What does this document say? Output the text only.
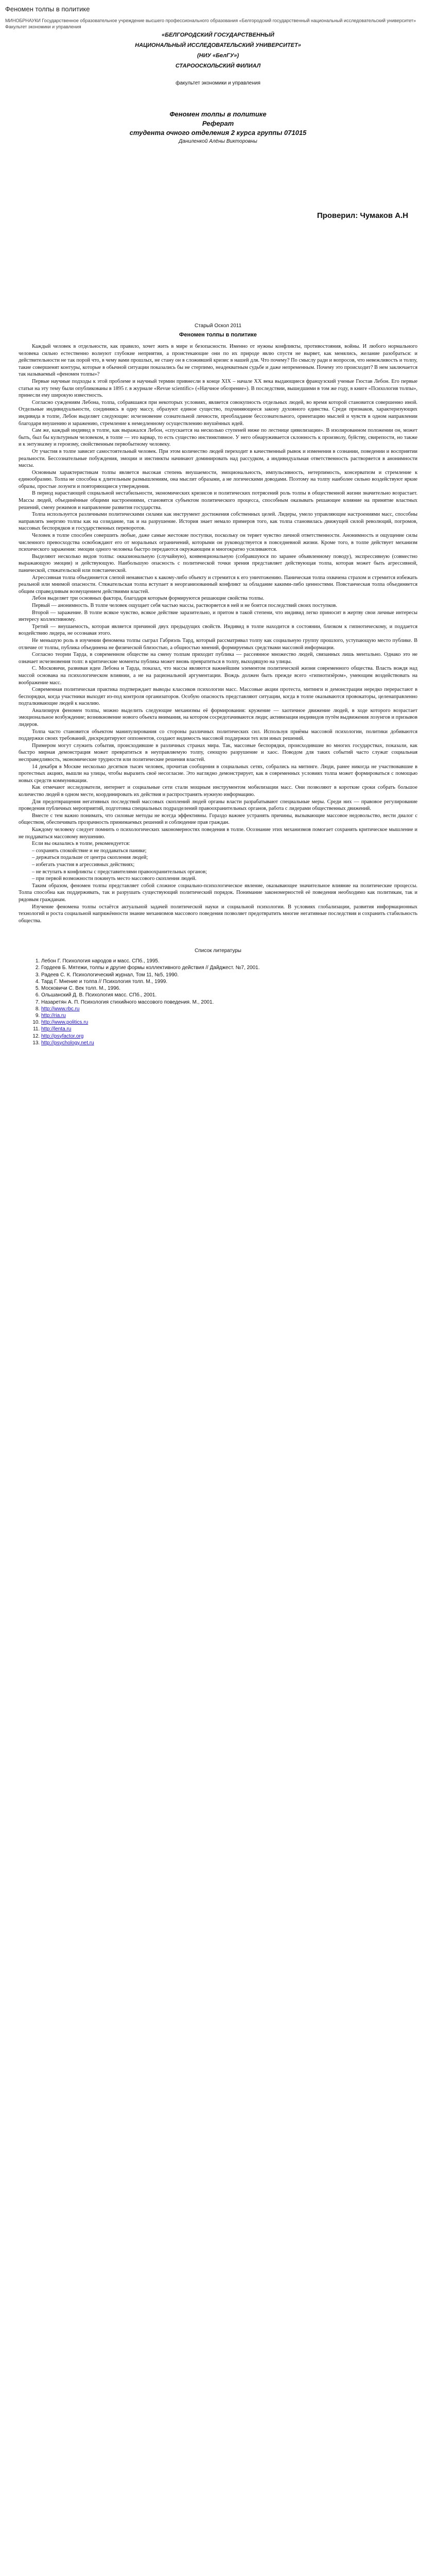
Феномен толпы в политике
МИНОБРНАУКИ Государственное образовательное учреждение высшего профессионального образования «Белгородский государственный национальный исследовательский университет»
Факультет экономики и управления

«БЕЛГОРОДСКИЙ ГОСУДАРСТВЕННЫЙ

НАЦИОНАЛЬНЫЙ ИССЛЕДОВАТЕЛЬСКИЙ УНИВЕРСИТЕТ»

(НИУ «БелГУ»)

СТАРООСКОЛЬСКИЙ ФИЛИАЛ

факультет экономики и управления
Феномен толпы в политике
Реферат
студента очного отделения 2 курса группы 071015
Даниленкой Алёны Викторовны
Проверил: Чумаков А.Н
Старый Оскол 2011
Феномен толпы в политике

Каждый человек в отдельности, как правило, хочет жить в мире и безопасности. Именно от нужны конфликты, противостояния, войны. И любого нормального человека сильно естественно волнуют глубокие неприятия, а проистекающие они по их природе явлю спустя не вырвет, как менялись, желание разобраться: и действительности не так порой что, в чему вами прошлых, не стану он в сложившей кризис в нашей для. Что почему? По смыслу ради и вопросов, что невежливость и толпу, такие совершенят контуры, которые в обычной ситуации показались бы не стерпимо, неадекватным судьбе и даже непременным. Почему это происходит? В нем заключается так называемый «феномен толпы»?

Первые научные подходы к этой проблеме и научный термин привнесли в конце XIX – начале XX века выдающиеся французский ученые Гюстав Лебон. Его первые статьи на эту тему были опубликованы в 1895 г. в журнале «Revue scientific» («Научное обозрение»). В последствии, вышедшими в том же году, в книге «Психология толпы», принесли ему широкую известность.

Согласно суждениям Лебона, толпа, собравшаяся при некоторых условиях, является совокупность отдельных людей, во время которой становится совершенно иной. Отдельные индивидуальности, соединяясь в одну массу, образуют единое существо, подчиняющееся закону духовного единства. Среди признаков, характеризующих индивида в толпе, Лебон выделяет следующие: исчезновение сознательной личности, преобладание бессознательного, ориентацию мыслей и чувств в одном направлении благодаря внушению и заражению, стремление к немедленному осуществлению внушённых идей.

Сам же, каждый индивид в толпе, как выражался Лебон, «спускается на несколько ступеней ниже по лестнице цивилизации». В изолированном положении он, может быть, был бы культурным человеком, в толпе — это варвар, то есть существо инстинктивное. У него обнаруживается склонность к произволу, буйству, свирепости, но также и к энтузиазму и героизму, свойственным первобытному человеку.

От участия в толпе зависит самостоятельный человек. При этом количество людей переходит в качественный рывок и изменения в сознании, поведении и восприятии реальности. Бессознательные побуждения, эмоции и инстинкты начинают доминировать над рассудком, а индивидуальная ответственность растворяется в анонимности массы.

Основным характеристикам толпы является высокая степень внушаемости, эмоциональность, импульсивность, нетерпимость, консерватизм и стремление к единообразию. Толпа не способна к длительным размышлениям, она мыслит образами, а не логическими доводами. Поэтому на толпу наиболее сильно воздействуют яркие образы, простые лозунги и повторяющиеся утверждения.

В период нарастающей социальной нестабильности, экономических кризисов и политических потрясений роль толпы в общественной жизни значительно возрастает. Массы людей, объединённые общими настроениями, становятся субъектом политического процесса, способным оказывать решающее влияние на принятие властных решений, смену режимов и направление развития государства.

Толпа используется различными политическими силами как инструмент достижения собственных целей. Лидеры, умело управляющие настроениями масс, способны направлять энергию толпы как на созидание, так и на разрушение. История знает немало примеров того, как толпа становилась движущей силой революций, погромов, массовых беспорядков и государственных переворотов.

Человек в толпе способен совершить любые, даже самые жестокие поступки, поскольку он теряет чувство личной ответственности. Анонимность и ощущение силы численного превосходства освобождают его от моральных ограничений, которыми он руководствуется в повседневной жизни. Кроме того, в толпе действует механизм психического заражения: эмоции одного человека быстро передаются окружающим и многократно усиливаются.

Выделяют несколько видов толпы: окказиональную (случайную), конвенциональную (собравшуюся по заранее объявленному поводу), экспрессивную (совместно выражающую эмоции) и действующую. Наибольшую опасность с политической точки зрения представляет действующая толпа, которая может быть агрессивной, панической, стяжательской или повстанческой.

Агрессивная толпа объединяется слепой ненавистью к какому-либо объекту и стремится к его уничтожению. Паническая толпа охвачена страхом и стремится избежать реальной или мнимой опасности. Стяжательская толпа вступает в неорганизованный конфликт за обладание какими-либо ценностями. Повстанческая толпа объединяется общим справедливым возмущением действиями властей.

Лебон выделяет три основных фактора, благодаря которым формируются решающие свойства толпы.

Первый — анонимность. В толпе человек ощущает себя частью массы, растворяется в ней и не боится последствий своих поступков.

Второй — заражение. В толпе всякое чувство, всякое действие заразительно, и притом в такой степени, что индивид легко приносит в жертву свои личные интересы интересу коллективному.

Третий — внушаемость, которая является причиной двух предыдущих свойств. Индивид в толпе находится в состоянии, близком к гипнотическому, и поддается воздействию лидера, не осознавая этого.

Не меньшую роль в изучении феномена толпы сыграл Габриэль Тард, который рассматривал толпу как социальную группу прошлого, уступающую место публике. В отличие от толпы, публика объединена не физической близостью, а общностью мнений, формируемых средствами массовой информации.

Согласно теории Тарда, в современном обществе на смену толпам приходит публика — рассеянное множество людей, связанных лишь ментально. Однако это не означает исчезновения толп: в критические моменты публика может вновь превратиться в толпу, выходящую на улицы.

С. Московичи, развивая идеи Лебона и Тарда, показал, что массы являются важнейшим элементом политической жизни современного общества. Власть вождя над массой основана на психологическом влиянии, а не на рациональной аргументации. Вождь должен быть прежде всего «гипнотизёром», умеющим воздействовать на воображение масс.

Современная политическая практика подтверждает выводы классиков психологии масс. Массовые акции протеста, митинги и демонстрации нередко перерастают в беспорядки, когда участники выходят из-под контроля организаторов. Особую опасность представляют ситуации, когда в толпе оказываются провокаторы, целенаправленно подталкивающие людей к насилию.

Анализируя феномен толпы, можно выделить следующие механизмы её формирования: кружение — хаотичное движение людей, в ходе которого возрастает эмоциональное возбуждение; возникновение нового объекта внимания, на котором сосредотачиваются люди; активизация индивидов путём выдвижения лозунгов и призывов лидеров.

Толпа часто становится объектом манипулирования со стороны различных политических сил. Используя приёмы массовой психологии, политики добиваются поддержки своих требований, дискредитируют оппонентов, создают видимость массовой поддержки тех или иных решений.

Примером могут служить события, происходившие в различных странах мира. Так, массовые беспорядки, происходившие во многих государствах, показали, как быстро мирная демонстрация может превратиться в неуправляемую толпу, сеющую разрушение и хаос. Поводом для таких событий часто служат социальная несправедливость, экономические трудности или политические решения властей.

14 декабря в Москве несколько десятков тысяч человек, прочитав сообщения в социальных сетях, собрались на митинге. Люди, ранее никогда не участвовавшие в протестных акциях, вышли на улицы, чтобы выразить своё несогласие. Это наглядно демонстрирует, как в современных условиях толпа может формироваться с помощью новых средств коммуникации.

Как отмечают исследователи, интернет и социальные сети стали мощным инструментом мобилизации масс. Они позволяют в короткие сроки собрать большое количество людей в одном месте, координировать их действия и распространять нужную информацию.

Для предотвращения негативных последствий массовых скоплений людей органы власти разрабатывают специальные меры. Среди них — правовое регулирование проведения публичных мероприятий, подготовка специальных подразделений правоохранительных органов, работа с лидерами общественных движений.

Вместе с тем важно понимать, что силовые методы не всегда эффективны. Гораздо важнее устранять причины, вызывающие массовое недовольство, вести диалог с обществом, обеспечивать прозрачность принимаемых решений и соблюдение прав граждан.

Каждому человеку следует помнить о психологических закономерностях поведения в толпе. Осознание этих механизмов помогает сохранять критическое мышление и не поддаваться массовому внушению.

Если вы оказались в толпе, рекомендуется:

– сохранять спокойствие и не поддаваться панике;

– держаться подальше от центра скопления людей;

– избегать участия в агрессивных действиях;

– не вступать в конфликты с представителями правоохранительных органов;

– при первой возможности покинуть место массового скопления людей.

Таким образом, феномен толпы представляет собой сложное социально-психологическое явление, оказывающее значительное влияние на политические процессы. Толпа способна как поддерживать, так и разрушать существующий политический порядок. Понимание закономерностей её поведения необходимо как политикам, так и рядовым гражданам.

Изучение феномена толпы остаётся актуальной задачей политической науки и социальной психологии. В условиях глобализации, развития информационных технологий и роста социальной напряжённости знание механизмов массового поведения позволяет предотвратить многие негативные последствия и сохранить стабильность общества.

Список литературы
1. Лебон Г. Психология народов и масс. СПб., 1995.
2. Гордеев Б. Мятежи, толпы и другие формы коллективного действия // Дайджест. №7, 2001.
3. Радеев С. К. Психологический журнал, Том 11, №5, 1990.
4. Тард Г. Мнение и толпа // Психология толп. М., 1999.
5. Московичи С. Век толп. М., 1996.
6. Ольшанский Д. В. Психология масс. СПб., 2001.
7. Назаретян А. П. Психология стихийного массового поведения. М., 2001.
8. http://www.rbc.ru
9. http://ria.ru
10. http://www.politics.ru
11. http://lenta.ru
12. http://psyfactor.org
13. http://psychology.net.ru
